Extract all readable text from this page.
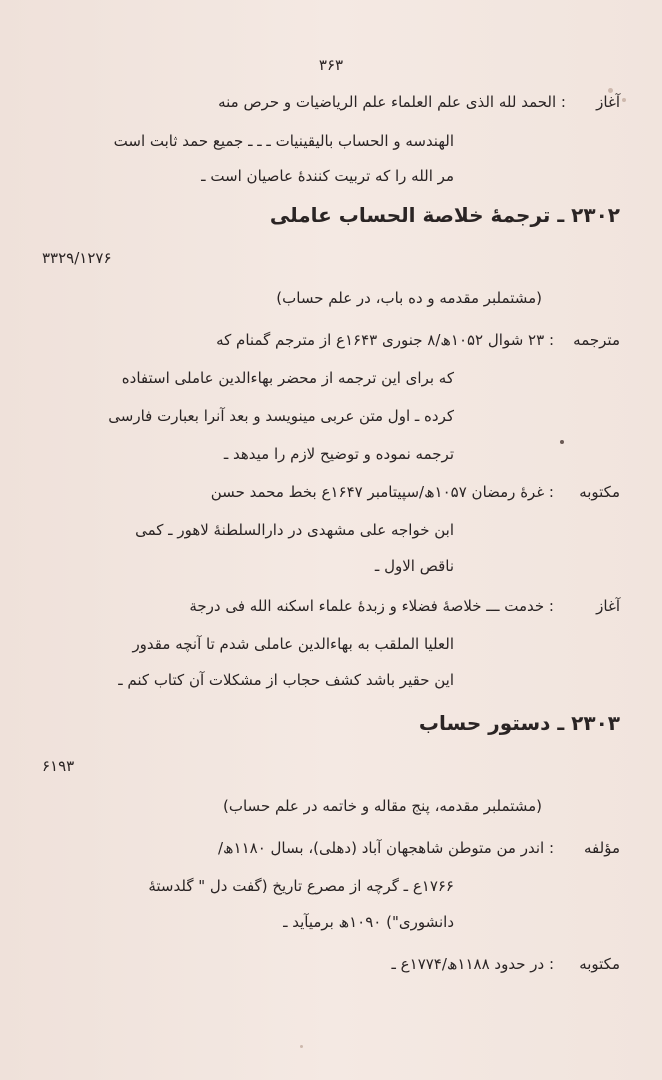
۳۶۳
آغاز
: الحمد لله الذی علم العلماء علم الریاضیات و حرص منه
الهندسه و الحساب بالیقینیات ـ ـ ـ جمیع حمد ثابت است
مر الله را که تربیت کنندهٔ عاصیان است ـ
۲۳۰۲ ـ ترجمهٔ خلاصة الحساب عاملی
۳۳۲۹/۱۲۷۶
(مشتملبر مقدمه و ده باب، در علم حساب)
مترجمه
: ۲۳ شوال ۱۰۵۲ھ/۸ جنوری ۱۶۴۳ع از مترجم گمنام که
که برای این ترجمه از محضر بهاءالدین عاملی استفاده
کرده ـ اول متن عربی مینویسد و بعد آنرا بعبارت فارسی
ترجمه نموده و توضیح لازم را میدهد ـ
مکتوبه
: غرهٔ رمضان ۱۰۵۷ھ/سپیتامبر ۱۶۴۷ع بخط محمد حسن
ابن خواجه علی مشهدی در دارالسلطنهٔ لاهور ـ کمی
ناقص الاول ـ
آغاز
: خدمت ـــ خلاصهٔ فضلاء و زبدهٔ علماء اسکنه الله فی درجة
العلیا الملقب به بهاءالدین عاملی شدم تا آنچه مقدور
این حقیر باشد کشف حجاب از مشکلات آن کتاب کنم ـ
۲۳۰۳ ـ دستور حساب
۶۱۹۳
(مشتملبر مقدمه، پنج مقاله و خاتمه در علم حساب)
مؤلفه
: اندر من متوطن شاهجهان آباد (دهلی)، بسال ۱۱۸۰ھ/
۱۷۶۶ع ـ گرچه از مصرع تاریخ (گفت دل " گلدستهٔ
دانشوری") ۱۰۹۰ھ برمیآید ـ
مکتوبه
: در حدود ۱۱۸۸ھ/۱۷۷۴ع ـ
